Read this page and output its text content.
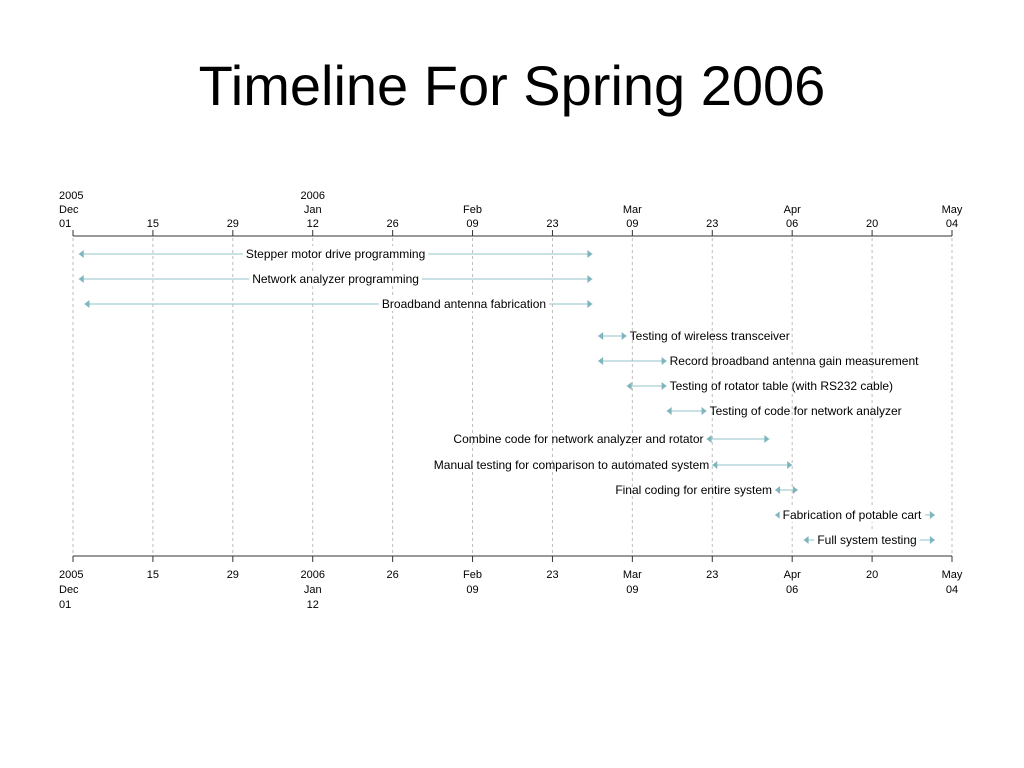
Timeline For Spring 2006
2005
Dec
01
2005
Dec
01
15
15
29
29
2006
Jan
12
2006
Jan
12
26
26
Feb
09
Feb
09
23
23
Mar
09
Mar
09
23
23
Apr
06
Apr
06
20
20
May
04
May
04
Stepper motor drive programming
Network analyzer programming
Broadband antenna fabrication
Testing of wireless transceiver
Record broadband antenna gain measurement
Testing of rotator table (with RS232 cable)
Testing of code for network analyzer
Combine code for network analyzer and rotator
Manual testing for comparison to automated system
Final coding for entire system
Fabrication of potable cart
Full system testing
